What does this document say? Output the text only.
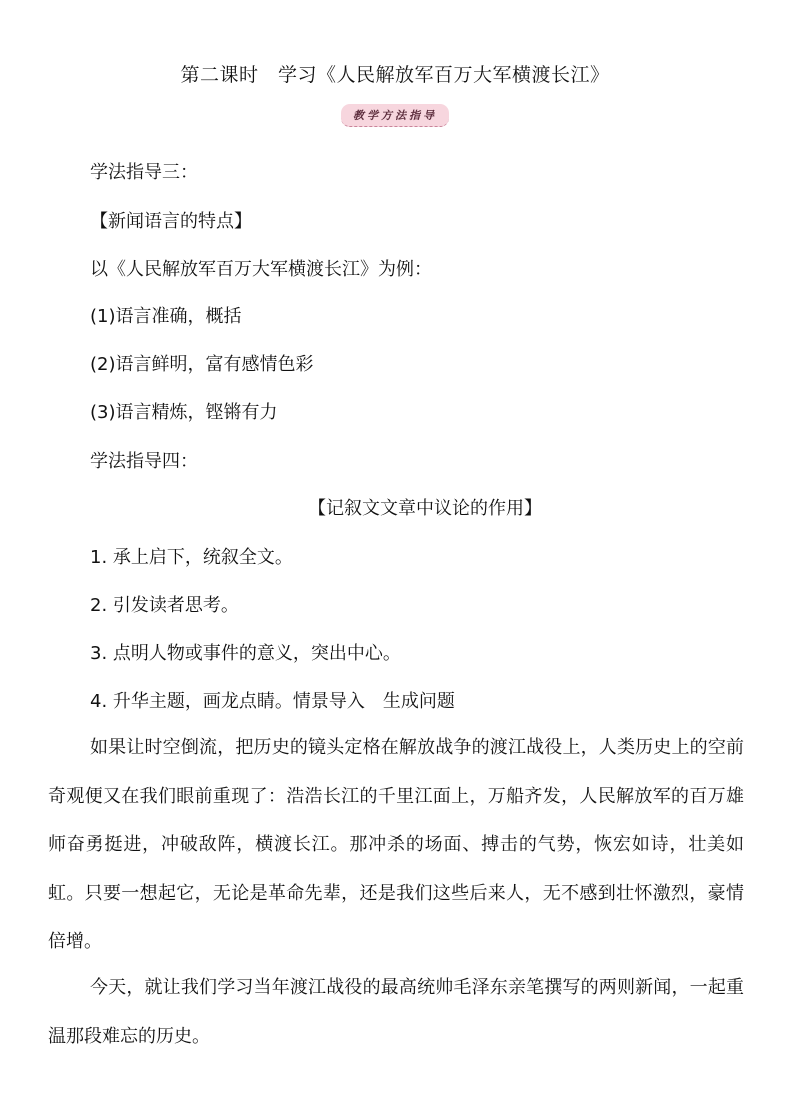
第二课时　学习《人民解放军百万大军横渡长江》
教学方法指导
学法指导三：
【新闻语言的特点】
以《人民解放军百万大军横渡长江》为例：
(1)语言准确，概括
(2)语言鲜明，富有感情色彩
(3)语言精炼，铿锵有力
学法指导四：
【记叙文文章中议论的作用】
1. 承上启下，统叙全文。
2. 引发读者思考。
3. 点明人物或事件的意义，突出中心。
4. 升华主题，画龙点睛。情景导入　生成问题
如果让时空倒流，把历史的镜头定格在解放战争的渡江战役上，人类历史上的空前奇观便又在我们眼前重现了：浩浩长江的千里江面上，万船齐发，人民解放军的百万雄师奋勇挺进，冲破敌阵，横渡长江。那冲杀的场面、搏击的气势，恢宏如诗，壮美如虹。只要一想起它，无论是革命先辈，还是我们这些后来人，无不感到壮怀激烈，豪情倍增。
今天，就让我们学习当年渡江战役的最高统帅毛泽东亲笔撰写的两则新闻，一起重温那段难忘的历史。
